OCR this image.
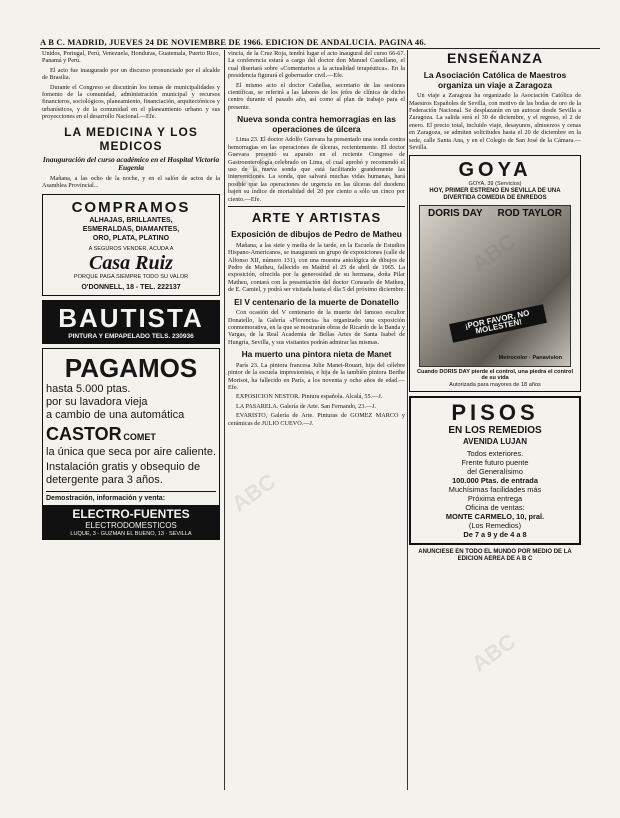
A B C. MADRID, JUEVES 24 DE NOVIEMBRE DE 1966. EDICION DE ANDALUCIA. PAGINA 46.

Unidos, Portugal, Perú, Venezuela, Honduras, Guatemala, Puerto Rico, Panamá y Perú.

El acto fue inaugurado por un discurso pronunciado por el alcalde de Brasilia.

Durante el Congreso se discutirán los temas de municipalidades y fomento de la comunidad, administración municipal y recursos financieros, sociológicos, planeamiento, financiación, arquitectónicos y urbanísticos, y de la comunidad en el planeamiento urbano y sus proyecciones en el desarrollo Nacional.—Efe.

LA MEDICINA Y LOS MEDICOS
Inauguración del curso académico en el Hospital Victoria Eugenia

Mañana, a las ocho de la noche, y en el salón de actos de la Asamblea Provincial...

COMPRAMOS
ALHAJAS, BRILLANTES,
ESMERALDAS, DIAMANTES,
ORO, PLATA, PLATINO
A SEGUROS VENDER, ACUDA A
Casa Ruiz
PORQUE PAGA SIEMPRE TODO SU VALOR
O'DONNELL, 18 - TEL. 222137
BAUTISTA
PINTURA Y EMPAPELADO TELS. 230936
PAGAMOS
hasta 5.000 ptas.
por su lavadora vieja
a cambio de una automática
CASTOR COMET
la única que seca por aire caliente.
Instalación gratis y obsequio de detergente para 3 años.
Demostración, información y venta:
ELECTRO-FUENTES
ELECTRODOMESTICOS
LUQUE, 3 - GUZMAN EL BUENO, 13 · SEVILLA

vincia, de la Cruz Roja, tendrá lugar el acto inaugural del curso 66-67. La conferencia estará a cargo del doctor don Manuel Castellano, el cual disertará sobre «Comentarios a la actualidad terapéutica». En la presidencia figurará el gobernador civil.—Efe.

El mismo acto el doctor Cañellas, secretario de las sesiones científicas, se referirá a las labores de los jefes de clínica de dicho centro durante el pasado año, así como al plan de trabajo para el presente.

Nueva sonda contra hemorragias en las operaciones de úlcera

Lima 23. El doctor Adolfo Guevara ha presentado una sonda contra hemorragias en las operaciones de úlceras, recientemente. El doctor Guevara presentó su aparato en el reciente Congreso de Gastroenterología celebrado en Lima, el cual aprobó y recomendó el uso de la nueva sonda que está facilitando grandemente las intervenciones. La sonda, que salvará muchas vidas humanas, hará posible que las operaciones de urgencia en las úlceras del duodeno bajen su índice de mortalidad del 20 por ciento a sólo un cinco por ciento.—Efe.

ARTE Y ARTISTAS
Exposición de dibujos de Pedro de Matheu

Mañana, a las siete y media de la tarde, en la Escuela de Estudios Hispano-Americanos, se inaugurará un grupo de exposiciones (calle de Alfonso XII, número 131), con una muestra antológica de dibujos de Pedro de Matheu, fallecido en Madrid el 25 de abril de 1965. La exposición, ofrecida por la generosidad de su hermana, doña Pilar Matheu, contará con la presentación del doctor Consuelo de Matheu, de E. Camiel, y podrá ser visitada hasta el día 5 del próximo diciembre.

El V centenario de la muerte de Donatello

Con ocasión del V centenario de la muerte del famoso escultor Donatello, la Galería «Florencia» ha organizado una exposición conmemorativa, en la que se mostrarán obras de Ricardo de la Banda y Vargas, de la Real Academia de Bellas Artes de Santa Isabel de Hungría, Sevilla, y sus visitantes podrán admirar las mismas.

Ha muerto una pintora nieta de Manet

París 23. La pintora francesa Julie Manet-Rouart, hija del célebre pintor de la escuela impresionista, e hija de la también pintora Berthe Morisot, ha fallecido en París, a los noventa y ocho años de edad.—Efe.

EXPOSICION NESTOR. Pintura española. Alcalá, 55.—J.

LA PASARELA. Galería de Arte. San Fernando, 23.—J.

EVARISTO, Galería de Arte. Pinturas de GOMEZ MARCO y cerámicas de JULIO CUEVO.—J.

ENSEÑANZA
La Asociación Católica de Maestros organiza un viaje a Zaragoza

Un viaje a Zaragoza ha organizado la Asociación Católica de Maestros Españoles de Sevilla, con motivo de las bodas de oro de la Federación Nacional. Se desplazarán en un autocar desde Sevilla a Zaragoza. La salida será el 30 de diciembre, y el regreso, el 2 de enero. El precio total, incluido viaje, desayunos, almuerzos y cenas en Zaragoza, se admiten solicitudes hasta el 20 de diciembre en la sede, calle Santa Ana, y en el Colegio de San José de la Cámara.—Sevilla.

GOYA
GOYA, 39 (Servicios)
HOY, PRIMER ESTRENO EN SEVILLA DE UNA DIVERTIDA COMEDIA DE ENREDOS
DORIS DAY	ROD TAYLOR
¡POR FAVOR, NO MOLESTEN!
Metrocolor · Panavision
Cuando DORIS DAY pierde el control, una piedra el control de su vida
Autorizada para mayores de 18 años
PISOS
EN LOS REMEDIOS
AVENIDA LUJAN
Todos exteriores.
Frente futuro puente
del Generalísimo
100.000 Ptas. de entrada
Muchísimas facilidades más
Próxima entrega
Oficina de ventas:
MONTE CARMELO, 10, pral.
(Los Remedios)
De 7 a 9 y de 4 a 8
ANUNCIESE EN TODO EL MUNDO POR MEDIO DE LA EDICION AEREA DE A B C
ABC
ABC
ABC
